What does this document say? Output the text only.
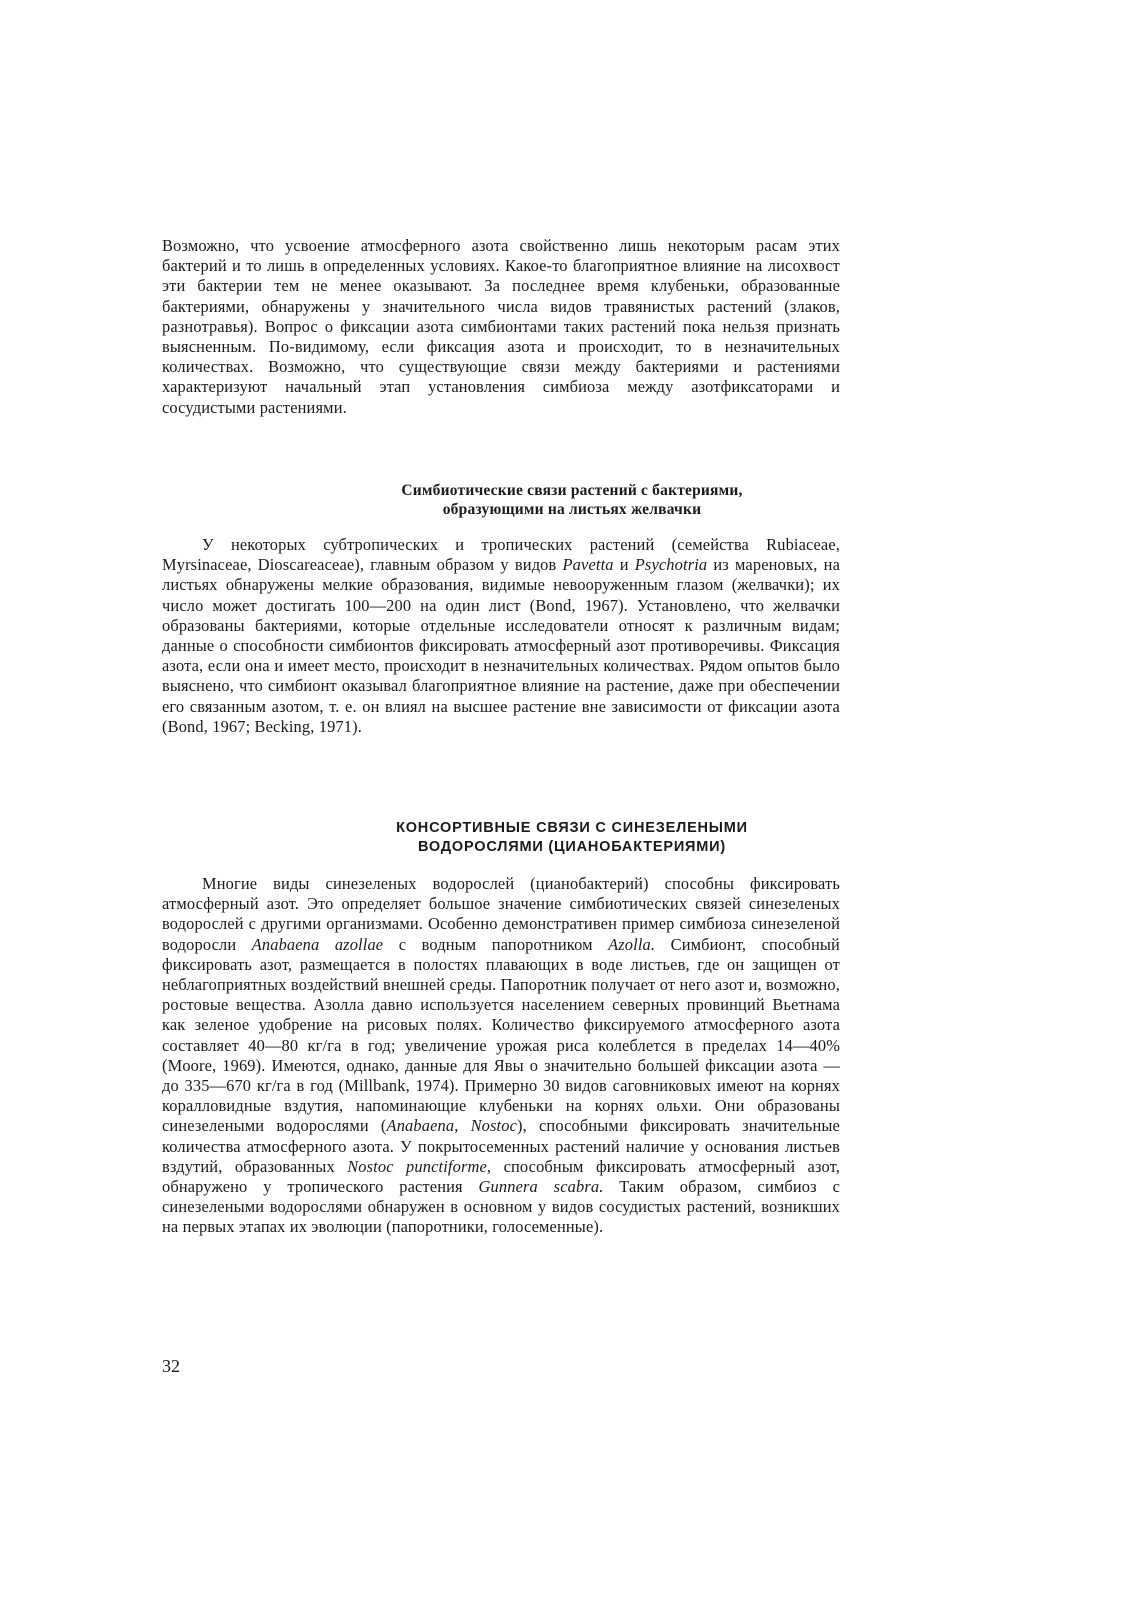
Возможно, что усвоение атмосферного азота свойственно лишь некоторым расам этих бактерий и то лишь в определенных условиях. Какое-то благоприятное влияние на лисохвост эти бактерии тем не менее оказывают. За последнее время клубеньки, образованные бактериями, обнаружены у значительного числа видов травянистых растений (злаков, разнотравья). Вопрос о фиксации азота симбионтами таких растений пока нельзя признать выясненным. По-видимому, если фиксация азота и происходит, то в незначительных количествах. Возможно, что существующие связи между бактериями и растениями характеризуют начальный этап установления симбиоза между азотфиксаторами и сосудистыми растениями.

Симбиотические связи растений с бактериями,

образующими на листьях желвачки

У некоторых субтропических и тропических растений (семейства Rubiaceae, Myrsinaceae, Dioscareaceae), главным образом у видов Pavetta и Psychotria из мареновых, на листьях обнаружены мелкие образования, видимые невооруженным глазом (желвачки); их число может достигать 100—200 на один лист (Bond, 1967). Установлено, что желвачки образованы бактериями, которые отдельные исследователи относят к различным видам; данные о способности симбионтов фиксировать атмосферный азот противоречивы. Фиксация азота, если она и имеет место, происходит в незначительных количествах. Рядом опытов было выяснено, что симбионт оказывал благоприятное влияние на растение, даже при обеспечении его связанным азотом, т. е. он влиял на высшее растение вне зависимости от фиксации азота (Bond, 1967; Becking, 1971).

КОНСОРТИВНЫЕ СВЯЗИ С СИНЕЗЕЛЕНЫМИ

ВОДОРОСЛЯМИ (ЦИАНОБАКТЕРИЯМИ)

Многие виды синезеленых водорослей (цианобактерий) способны фиксировать атмосферный азот. Это определяет большое значение симбиотических связей синезеленых водорослей с другими организмами. Особенно демонстративен пример симбиоза синезеленой водоросли Anabaena azollae с водным папоротником Azolla. Симбионт, способный фиксировать азот, размещается в полостях плавающих в воде листьев, где он защищен от неблагоприятных воздействий внешней среды. Папоротник получает от него азот и, возможно, ростовые вещества. Азолла давно используется населением северных провинций Вьетнама как зеленое удобрение на рисовых полях. Количество фиксируемого атмосферного азота составляет 40—80 кг/га в год; увеличение урожая риса колеблется в пределах 14—40% (Moore, 1969). Имеются, однако, данные для Явы о значительно большей фиксации азота — до 335—670 кг/га в год (Millbank, 1974). Примерно 30 видов саговниковых имеют на корнях коралловидные вздутия, напоминающие клубеньки на корнях ольхи. Они образованы синезелеными водорослями (Anabaena, Nostoc), способными фиксировать значительные количества атмосферного азота. У покрытосеменных растений наличие у основания листьев вздутий, образованных Nostoc punctiforme, способным фиксировать атмосферный азот, обнаружено у тропического растения Gunnera scabra. Таким образом, симбиоз с синезелеными водорослями обнаружен в основном у видов сосудистых растений, возникших на первых этапах их эволюции (папоротники, голосеменные).

32
